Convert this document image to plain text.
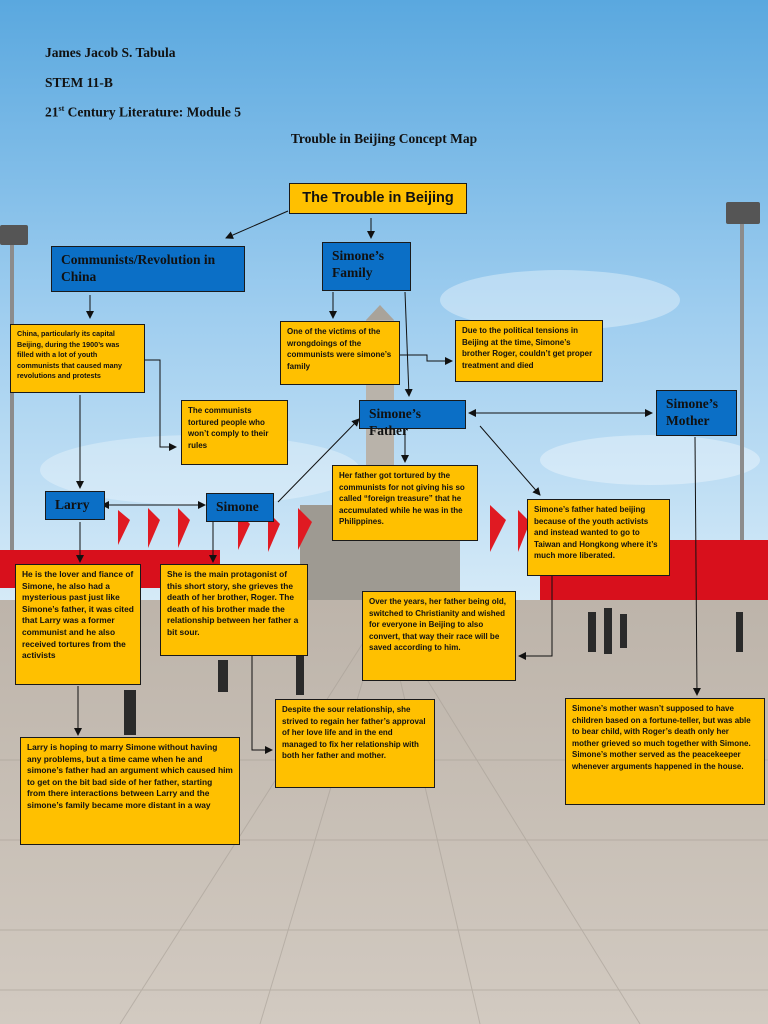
James Jacob S. Tabula
STEM 11-B
21st Century Literature: Module 5
Trouble in Beijing Concept Map
The Trouble in Beijing
Communists/Revolution in China
Simone’s Family
Simone’s Father
Simone’s Mother
Larry	Simone
China, particularly its capital Beijing, during the 1900’s was filled with a lot of youth communists that caused many revolutions and protests
The communists tortured people who won’t comply to their rules
One of the victims of the wrongdoings of the communists were simone’s family
Due to the political tensions in Beijing at the time, Simone’s brother Roger, couldn’t get proper treatment and died
Her father got tortured by the communists for not giving his so called “foreign treasure” that he accumulated while he was in the Philippines.
Simone’s father hated beijing because of the youth activists and instead wanted to go to Taiwan and Hongkong where it’s much more liberated.
He is the lover and fiance of Simone, he also had a mysterious past just like Simone’s father, it was cited that Larry was a former communist and he also received tortures from the activists
She is the main protagonist of this short story, she grieves the death of her brother, Roger. The death of his brother made the relationship between her father a bit sour.
Over the years, her father being old, switched to Christianity and wished for everyone in Beijing to also convert, that way their race will be saved according to him.
Simone’s mother wasn’t supposed to have children based on a fortune-teller, but was able to bear child, with Roger’s death only her mother grieved so much together with Simone. Simone’s mother served as the peacekeeper whenever arguments happened in the house.
Despite the sour relationship, she strived to regain her father’s approval of her love life and in the end managed to fix her relationship with both her father and mother.
Larry is hoping to marry Simone without having any problems, but a time came when he and simone’s father had an argument which caused him to get on the bit bad side of her father, starting from there interactions between Larry and the simone’s family became more distant in a way
